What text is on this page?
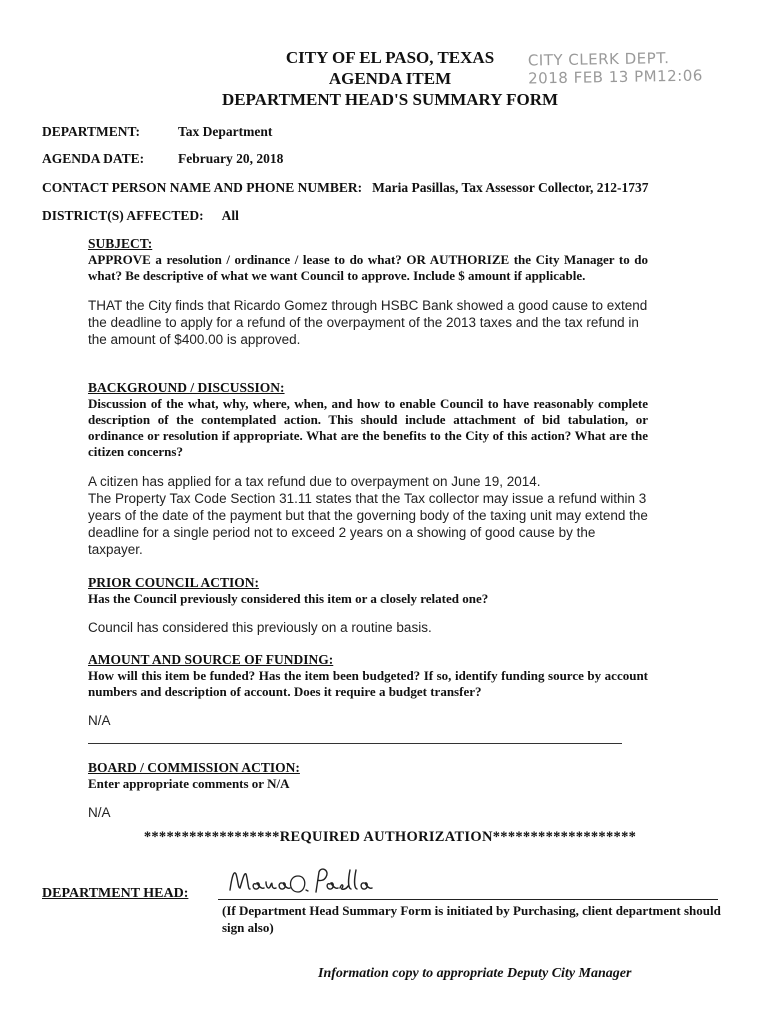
CITY OF EL PASO, TEXAS
AGENDA ITEM
DEPARTMENT HEAD'S SUMMARY FORM
CITY CLERK DEPT.
2018 FEB 13 PM12:06
DEPARTMENT:	Tax Department
AGENDA DATE:	February 20, 2018
CONTACT PERSON NAME AND PHONE NUMBER: Maria Pasillas, Tax Assessor Collector, 212-1737
DISTRICT(S) AFFECTED: All
SUBJECT:
APPROVE a resolution / ordinance / lease to do what? OR AUTHORIZE the City Manager to do what? Be descriptive of what we want Council to approve. Include $ amount if applicable.
THAT the City finds that Ricardo Gomez through HSBC Bank showed a good cause to extend the deadline to apply for a refund of the overpayment of the 2013 taxes and the tax refund in the amount of $400.00 is approved.
BACKGROUND / DISCUSSION:
Discussion of the what, why, where, when, and how to enable Council to have reasonably complete description of the contemplated action. This should include attachment of bid tabulation, or ordinance or resolution if appropriate. What are the benefits to the City of this action? What are the citizen concerns?
A citizen has applied for a tax refund due to overpayment on June 19, 2014.
The Property Tax Code Section 31.11 states that the Tax collector may issue a refund within 3 years of the date of the payment but that the governing body of the taxing unit may extend the deadline for a single period not to exceed 2 years on a showing of good cause by the taxpayer.
PRIOR COUNCIL ACTION:
Has the Council previously considered this item or a closely related one?
Council has considered this previously on a routine basis.
AMOUNT AND SOURCE OF FUNDING:
How will this item be funded? Has the item been budgeted? If so, identify funding source by account numbers and description of account. Does it require a budget transfer?
N/A
BOARD / COMMISSION ACTION:
Enter appropriate comments or N/A
N/A
******************REQUIRED AUTHORIZATION*******************
DEPARTMENT HEAD:
(If Department Head Summary Form is initiated by Purchasing, client department should sign also)
Information copy to appropriate Deputy City Manager
